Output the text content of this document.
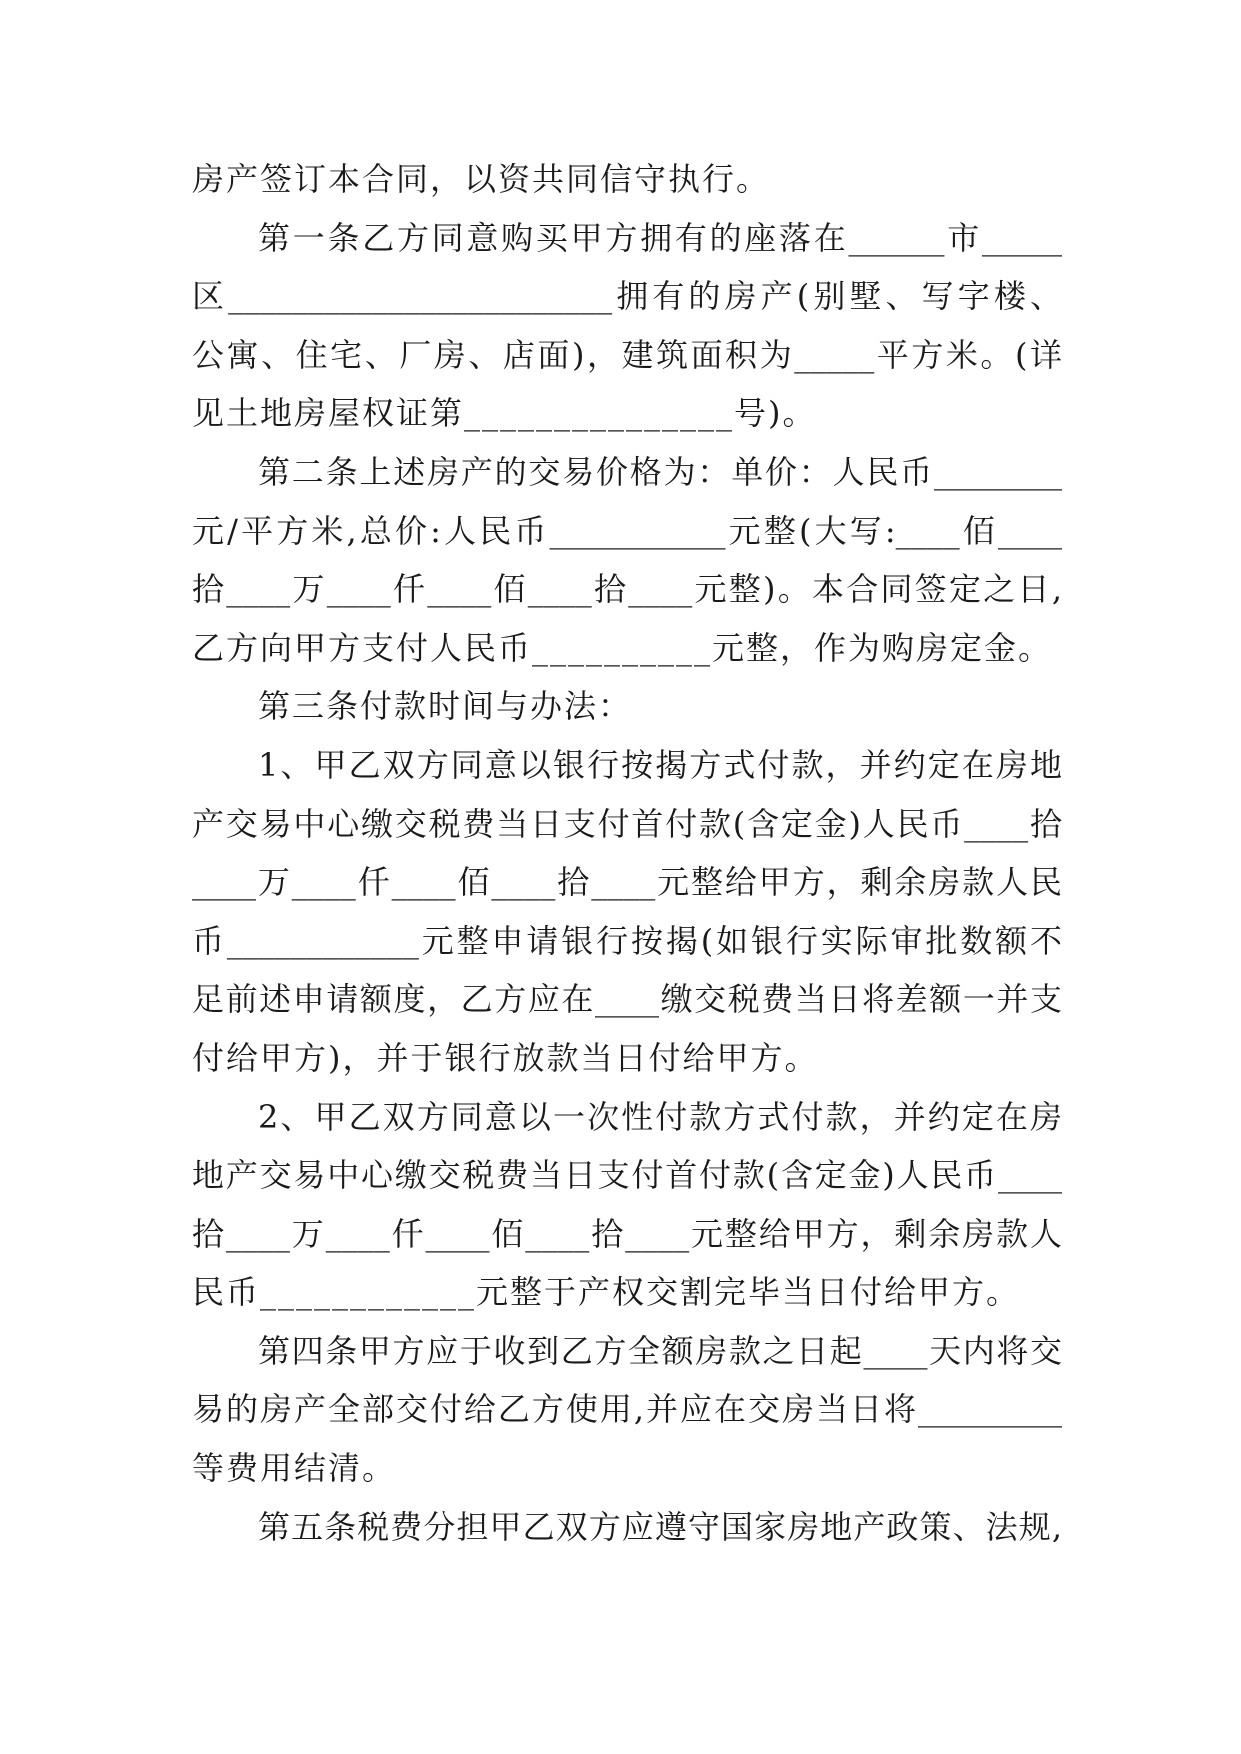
房产签订本合同，以资共同信守执行。
第一条乙方同意购买甲方拥有的座落在______市_____
区________________________拥有的房产(别墅、写字楼、
公寓、住宅、厂房、店面)，建筑面积为_____平方米。(详
见土地房屋权证第_______________号)。
第二条上述房产的交易价格为：单价：人民币________
元/平方米,总价:人民币___________元整(大写:____佰____
拾____万____仟____佰____拾____元整)。本合同签定之日,
乙方向甲方支付人民币__________元整，作为购房定金。
第三条付款时间与办法：
1、甲乙双方同意以银行按揭方式付款，并约定在房地
产交易中心缴交税费当日支付首付款(含定金)人民币____拾
____万____仟____佰____拾____元整给甲方，剩余房款人民
币____________元整申请银行按揭(如银行实际审批数额不
足前述申请额度，乙方应在____缴交税费当日将差额一并支
付给甲方)，并于银行放款当日付给甲方。
2、甲乙双方同意以一次性付款方式付款，并约定在房
地产交易中心缴交税费当日支付首付款(含定金)人民币____
拾____万____仟____佰____拾____元整给甲方，剩余房款人
民币____________元整于产权交割完毕当日付给甲方。
第四条甲方应于收到乙方全额房款之日起____天内将交
易的房产全部交付给乙方使用,并应在交房当日将_________
等费用结清。
第五条税费分担甲乙双方应遵守国家房地产政策、法规,
